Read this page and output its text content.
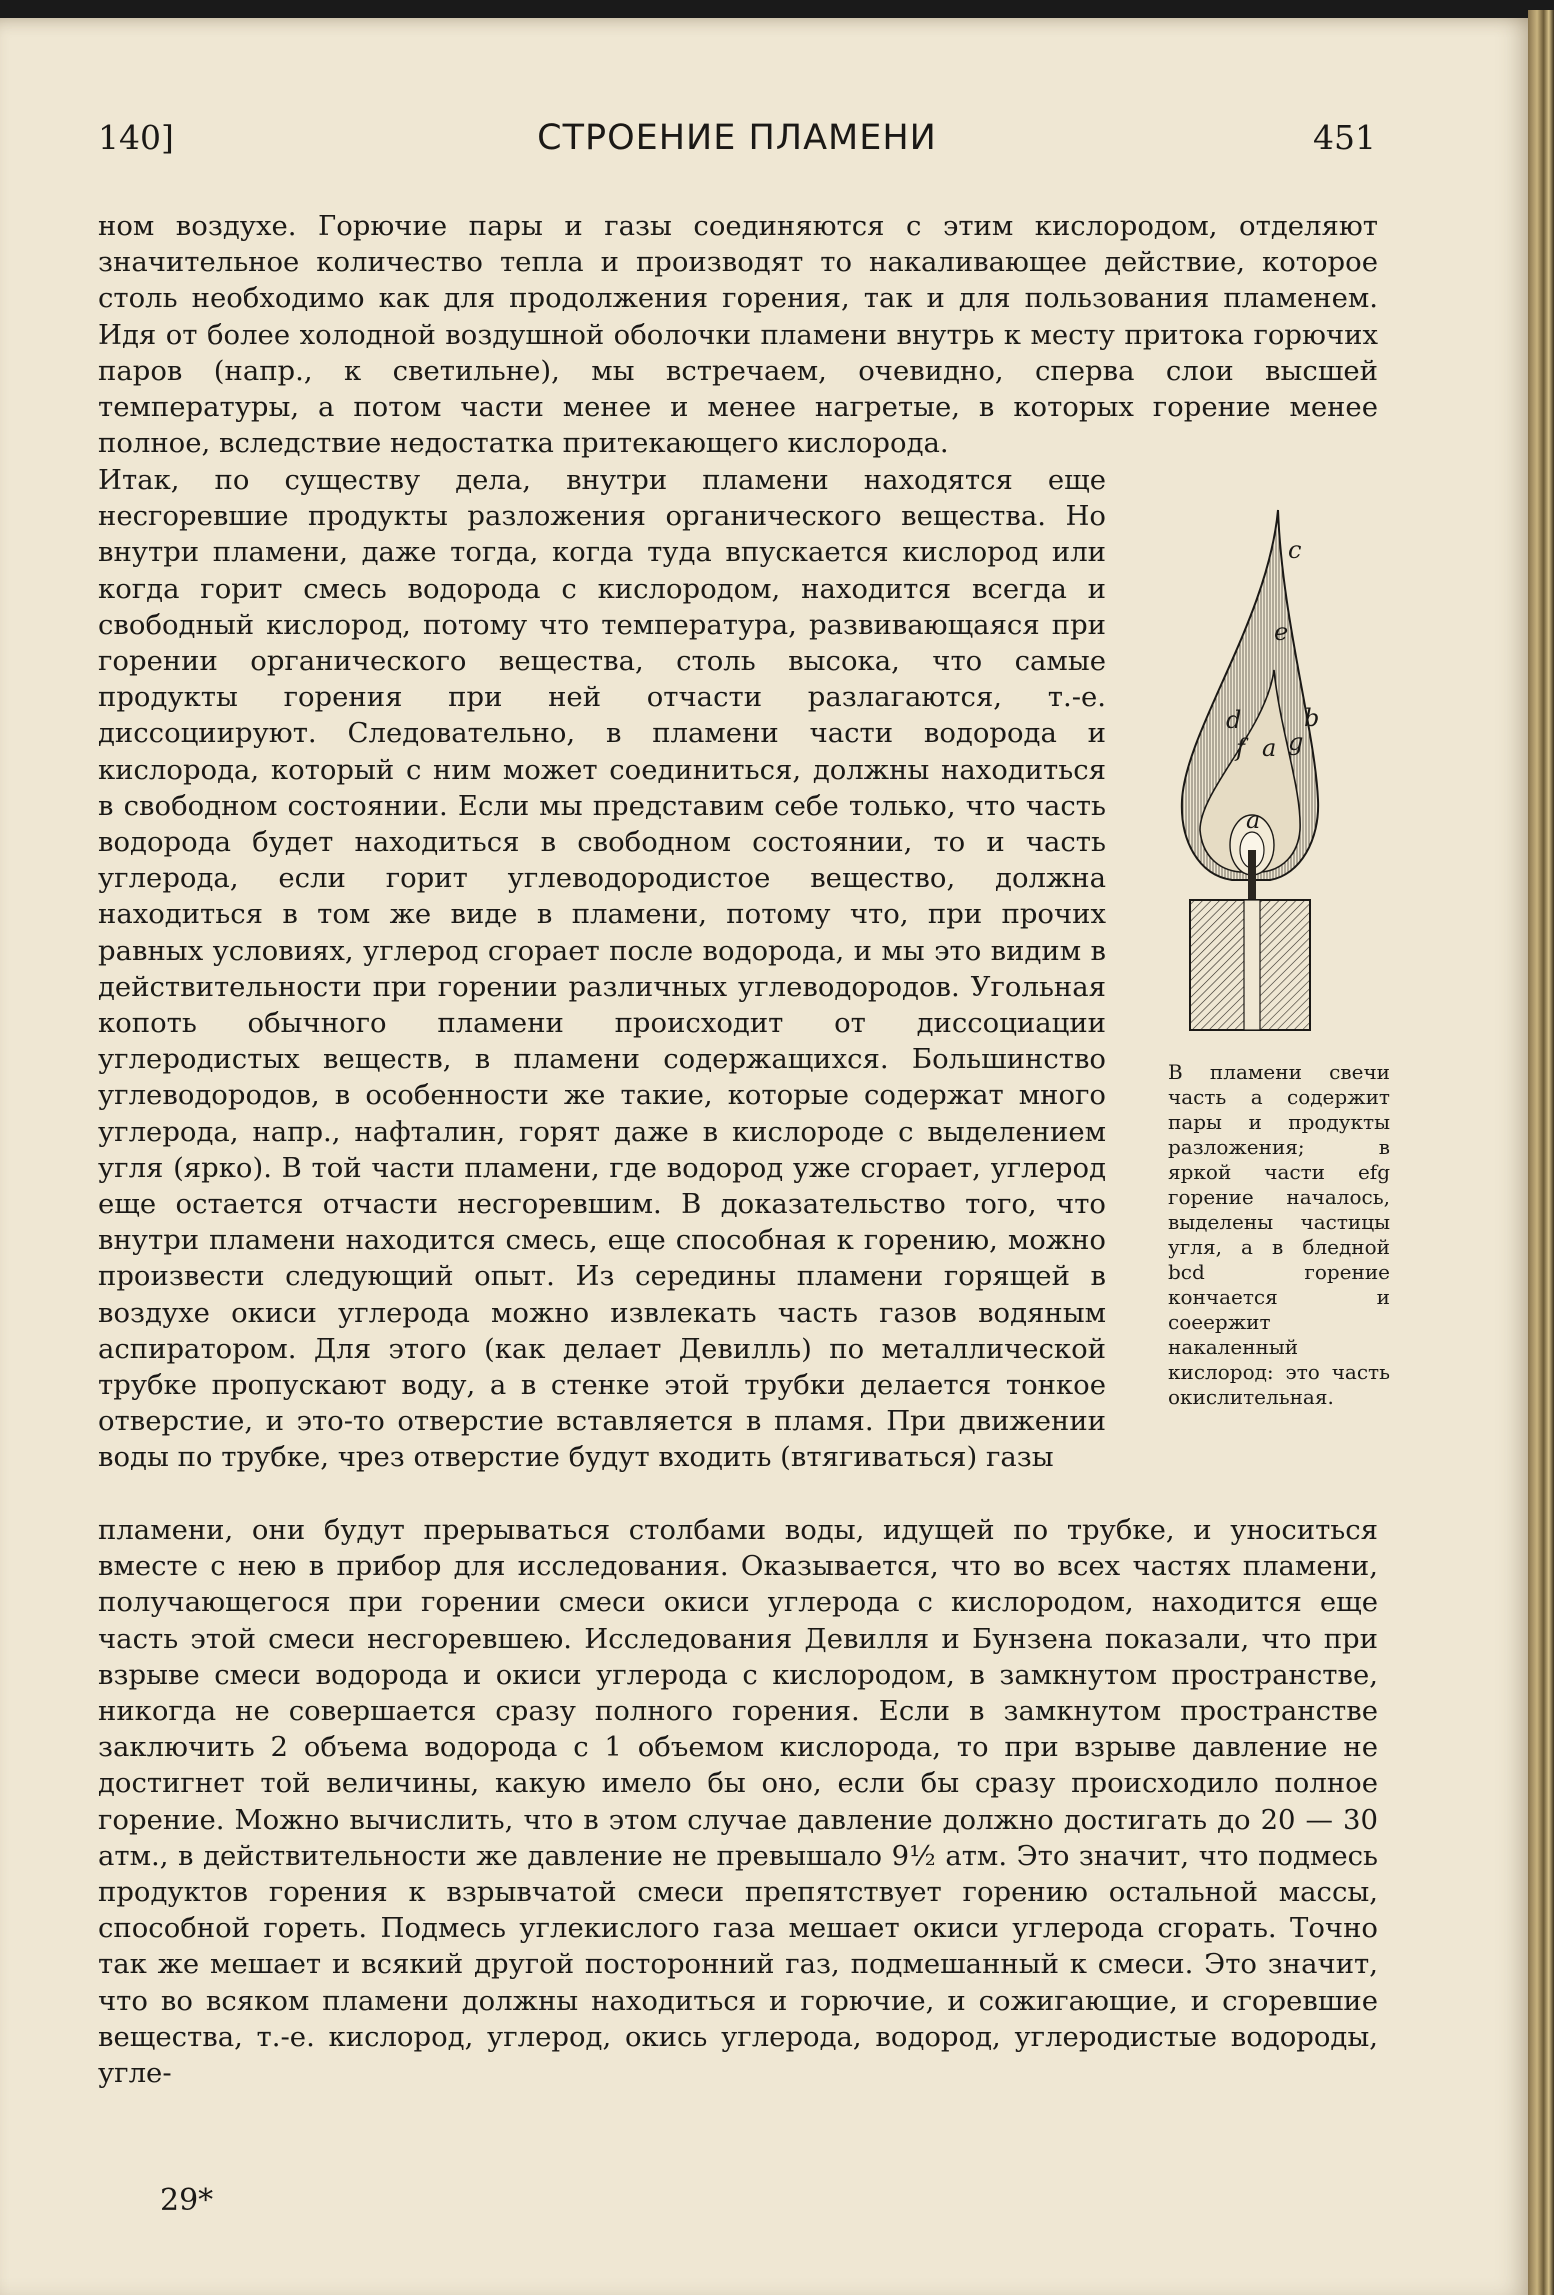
140]	СТРОЕНИЕ ПЛАМЕНИ	451

ном воздухе. Горючие пары и газы соединяются с этим кислородом, отделяют значительное количество тепла и производят то накаливающее действие, которое столь необходимо как для продолжения горения, так и для пользования пламенем. Идя от более холодной воздушной оболочки пламени внутрь к месту притока горючих паров (напр., к светильне), мы встречаем, очевидно, сперва слои высшей температуры, а потом части менее и менее нагретые, в которых горение менее полное, вследствие недостатка притекающего кислорода.

Итак, по существу дела, внутри пламени находятся еще несгоревшие продукты разложения органического вещества. Но внутри пламени, даже тогда, когда туда впускается кислород или когда горит смесь водорода с кислородом, находится всегда и свободный кислород, потому что температура, развивающаяся при горении органического вещества, столь высока, что самые продукты горения при ней отчасти разлагаются, т.-е. диссоциируют. Следовательно, в пламени части водорода и кислорода, который с ним может соединиться, должны находиться в свободном состоянии. Если мы представим себе только, что часть водорода будет находиться в свободном состоянии, то и часть углерода, если горит углеводородистое вещество, должна находиться в том же виде в пламени, потому что, при прочих равных условиях, углерод сгорает после водорода, и мы это видим в действительности при горении различных углеводородов. Угольная копоть обычного пламени происходит от диссоциации углеродистых веществ, в пламени содержащихся. Большинство углеводородов, в особенности же такие, которые содержат много углерода, напр., нафталин, горят даже в кислороде с выделением угля (ярко). В той части пламени, где водород уже сгорает, углерод еще остается отчасти несгоревшим. В доказательство того, что внутри пламени находится смесь, еще способная к горению, можно произвести следующий опыт. Из середины пламени горящей в воздухе окиси углерода можно извлекать часть газов водяным аспиратором. Для этого (как делает Девилль) по металлической трубке пропускают воду, а в стенке этой трубки делается тонкое отверстие, и это-то отверстие вставляется в пламя. При движении воды по трубке, чрез отверстие будут входить (втягиваться) газы

c
e
d	b
f a g
a

В пламени свечи часть a содержит пары и продукты разложения; в яркой части efg горение началось, выделены частицы угля, а в бледной bcd горение кончается и соеержит накаленный кислород: это часть окислительная.

пламени, они будут прерываться столбами воды, идущей по трубке, и уноситься вместе с нею в прибор для исследования. Оказывается, что во всех частях пламени, получающегося при горении смеси окиси углерода с кислородом, находится еще часть этой смеси несгоревшею. Исследования Девилля и Бунзена показали, что при взрыве смеси водорода и окиси углерода с кислородом, в замкнутом пространстве, никогда не совершается сразу полного горения. Если в замкнутом пространстве заключить 2 объема водорода с 1 объемом кислорода, то при взрыве давление не достигнет той величины, какую имело бы оно, если бы сразу происходило полное горение. Можно вычислить, что в этом случае давление должно достигать до 20 — 30 атм., в действительности же давление не превышало 9½ атм. Это значит, что подмесь продуктов горения к взрывчатой смеси препятствует горению остальной массы, способной гореть. Подмесь углекислого газа мешает окиси углерода сгорать. Точно так же мешает и всякий другой посторонний газ, подмешанный к смеси. Это значит, что во всяком пламени должны находиться и горючие, и сожигающие, и сгоревшие вещества, т.-е. кислород, углерод, окись углерода, водород, углеродистые водороды, угле-

29*
